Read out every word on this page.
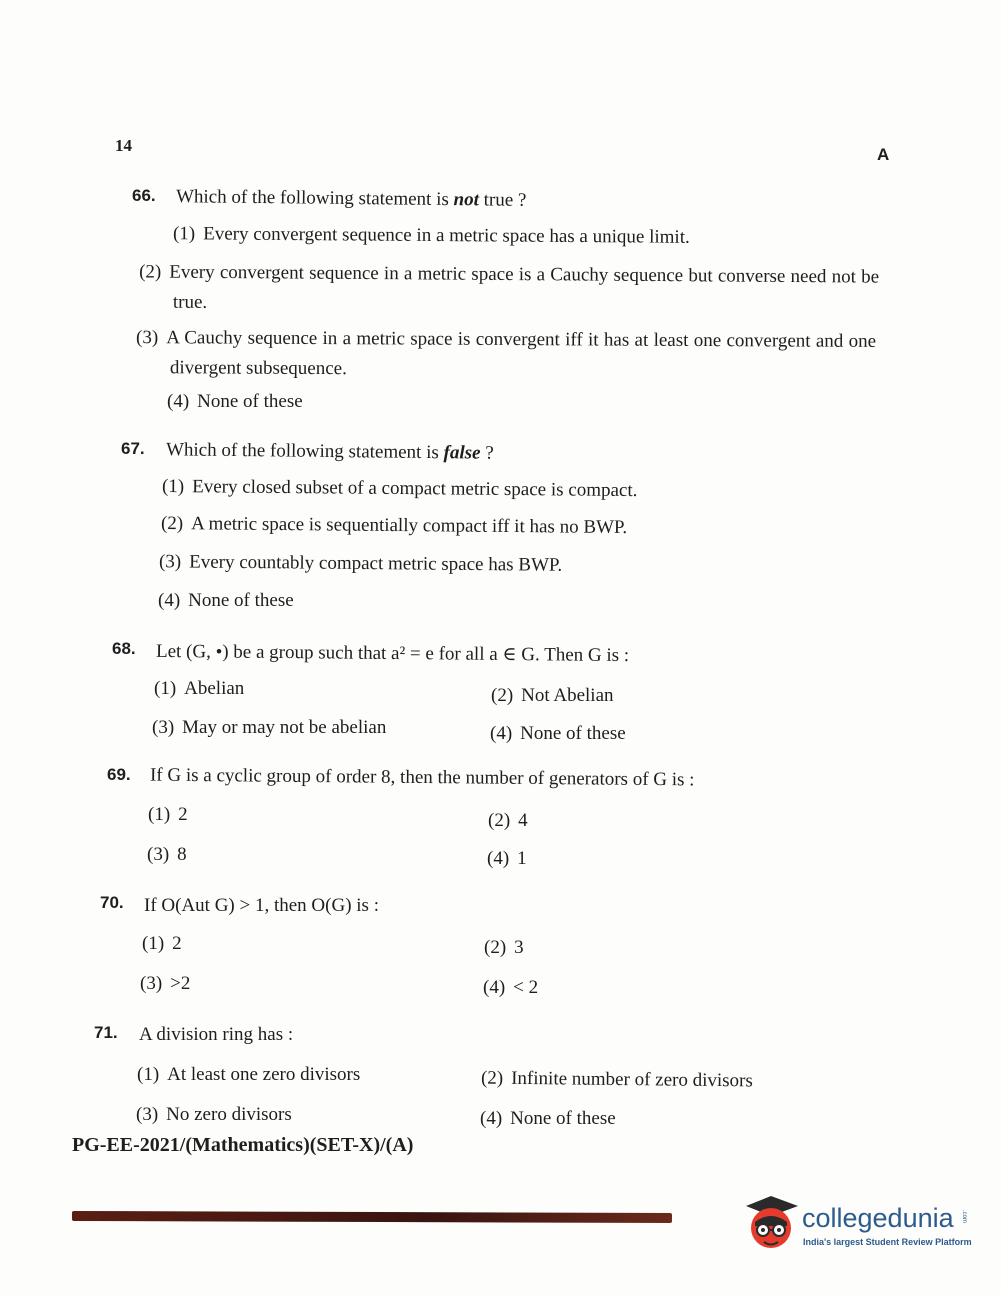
14	A
66. Which of the following statement is not true ?
(1) Every convergent sequence in a metric space has a unique limit.
(2) Every convergent sequence in a metric space is a Cauchy sequence but converse need not be true.
(3) A Cauchy sequence in a metric space is convergent iff it has at least one convergent and one divergent subsequence.
(4) None of these
67. Which of the following statement is false ?
(1) Every closed subset of a compact metric space is compact.
(2) A metric space is sequentially compact iff it has no BWP.
(3) Every countably compact metric space has BWP.
(4) None of these
68. Let (G, •) be a group such that a² = e for all a ∈ G. Then G is :
(1) Abelian	(2) Not Abelian
(3) May or may not be abelian	(4) None of these
69. If G is a cyclic group of order 8, then the number of generators of G is :
(1) 2	(2) 4
(3) 8	(4) 1
70. If O(Aut G) > 1, then O(G) is :
(1) 2	(2) 3
(3) >2	(4) < 2
71. A division ring has :
(1) At least one zero divisors	(2) Infinite number of zero divisors
(3) No zero divisors	(4) None of these
PG-EE-2021/(Mathematics)(SET-X)/(A)
collegedunia .com
India's largest Student Review Platform
